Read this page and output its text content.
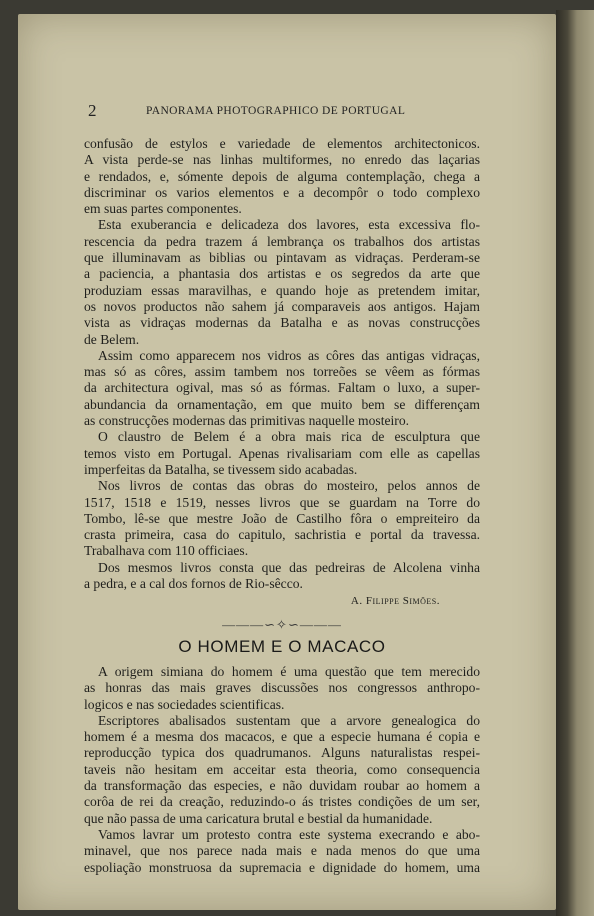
2	PANORAMA PHOTOGRAPHICO DE PORTUGAL
confusão de estylos e variedade de elementos architectonicos.
A vista perde-se nas linhas multiformes, no enredo das laçarias
e rendados, e, sómente depois de alguma contemplação, chega a
discriminar os varios elementos e a decompôr o todo complexo
em suas partes componentes.
Esta exuberancia e delicadeza dos lavores, esta excessiva flo-
rescencia da pedra trazem á lembrança os trabalhos dos artistas
que illuminavam as biblias ou pintavam as vidraças. Perderam-se
a paciencia, a phantasia dos artistas e os segredos da arte que
produziam essas maravilhas, e quando hoje as pretendem imitar,
os novos productos não sahem já comparaveis aos antigos. Hajam
vista as vidraças modernas da Batalha e as novas construcções
de Belem.
Assim como apparecem nos vidros as côres das antigas vidraças,
mas só as côres, assim tambem nos torreões se vêem as fórmas
da architectura ogival, mas só as fórmas. Faltam o luxo, a super-
abundancia da ornamentação, em que muito bem se differençam
as construcções modernas das primitivas naquelle mosteiro.
O claustro de Belem é a obra mais rica de esculptura que
temos visto em Portugal. Apenas rivalisariam com elle as capellas
imperfeitas da Batalha, se tivessem sido acabadas.
Nos livros de contas das obras do mosteiro, pelos annos de
1517, 1518 e 1519, nesses livros que se guardam na Torre do
Tombo, lê-se que mestre João de Castilho fôra o empreiteiro da
crasta primeira, casa do capitulo, sachristia e portal da travessa.
Trabalhava com 110 officiaes.
Dos mesmos livros consta que das pedreiras de Alcolena vinha
a pedra, e a cal dos fornos de Rio-sêcco.
A. Filippe Simões.
———∽✧∽———
O HOMEM E O MACACO
A origem simiana do homem é uma questão que tem merecido
as honras das mais graves discussões nos congressos anthropo-
logicos e nas sociedades scientificas.
Escriptores abalisados sustentam que a arvore genealogica do
homem é a mesma dos macacos, e que a especie humana é copia e
reproducção typica dos quadrumanos. Alguns naturalistas respei-
taveis não hesitam em acceitar esta theoria, como consequencia
da transformação das especies, e não duvidam roubar ao homem a
corôa de rei da creação, reduzindo-o ás tristes condições de um ser,
que não passa de uma caricatura brutal e bestial da humanidade.
Vamos lavrar um protesto contra este systema execrando e abo-
minavel, que nos parece nada mais e nada menos do que uma
espoliação monstruosa da supremacia e dignidade do homem, uma
